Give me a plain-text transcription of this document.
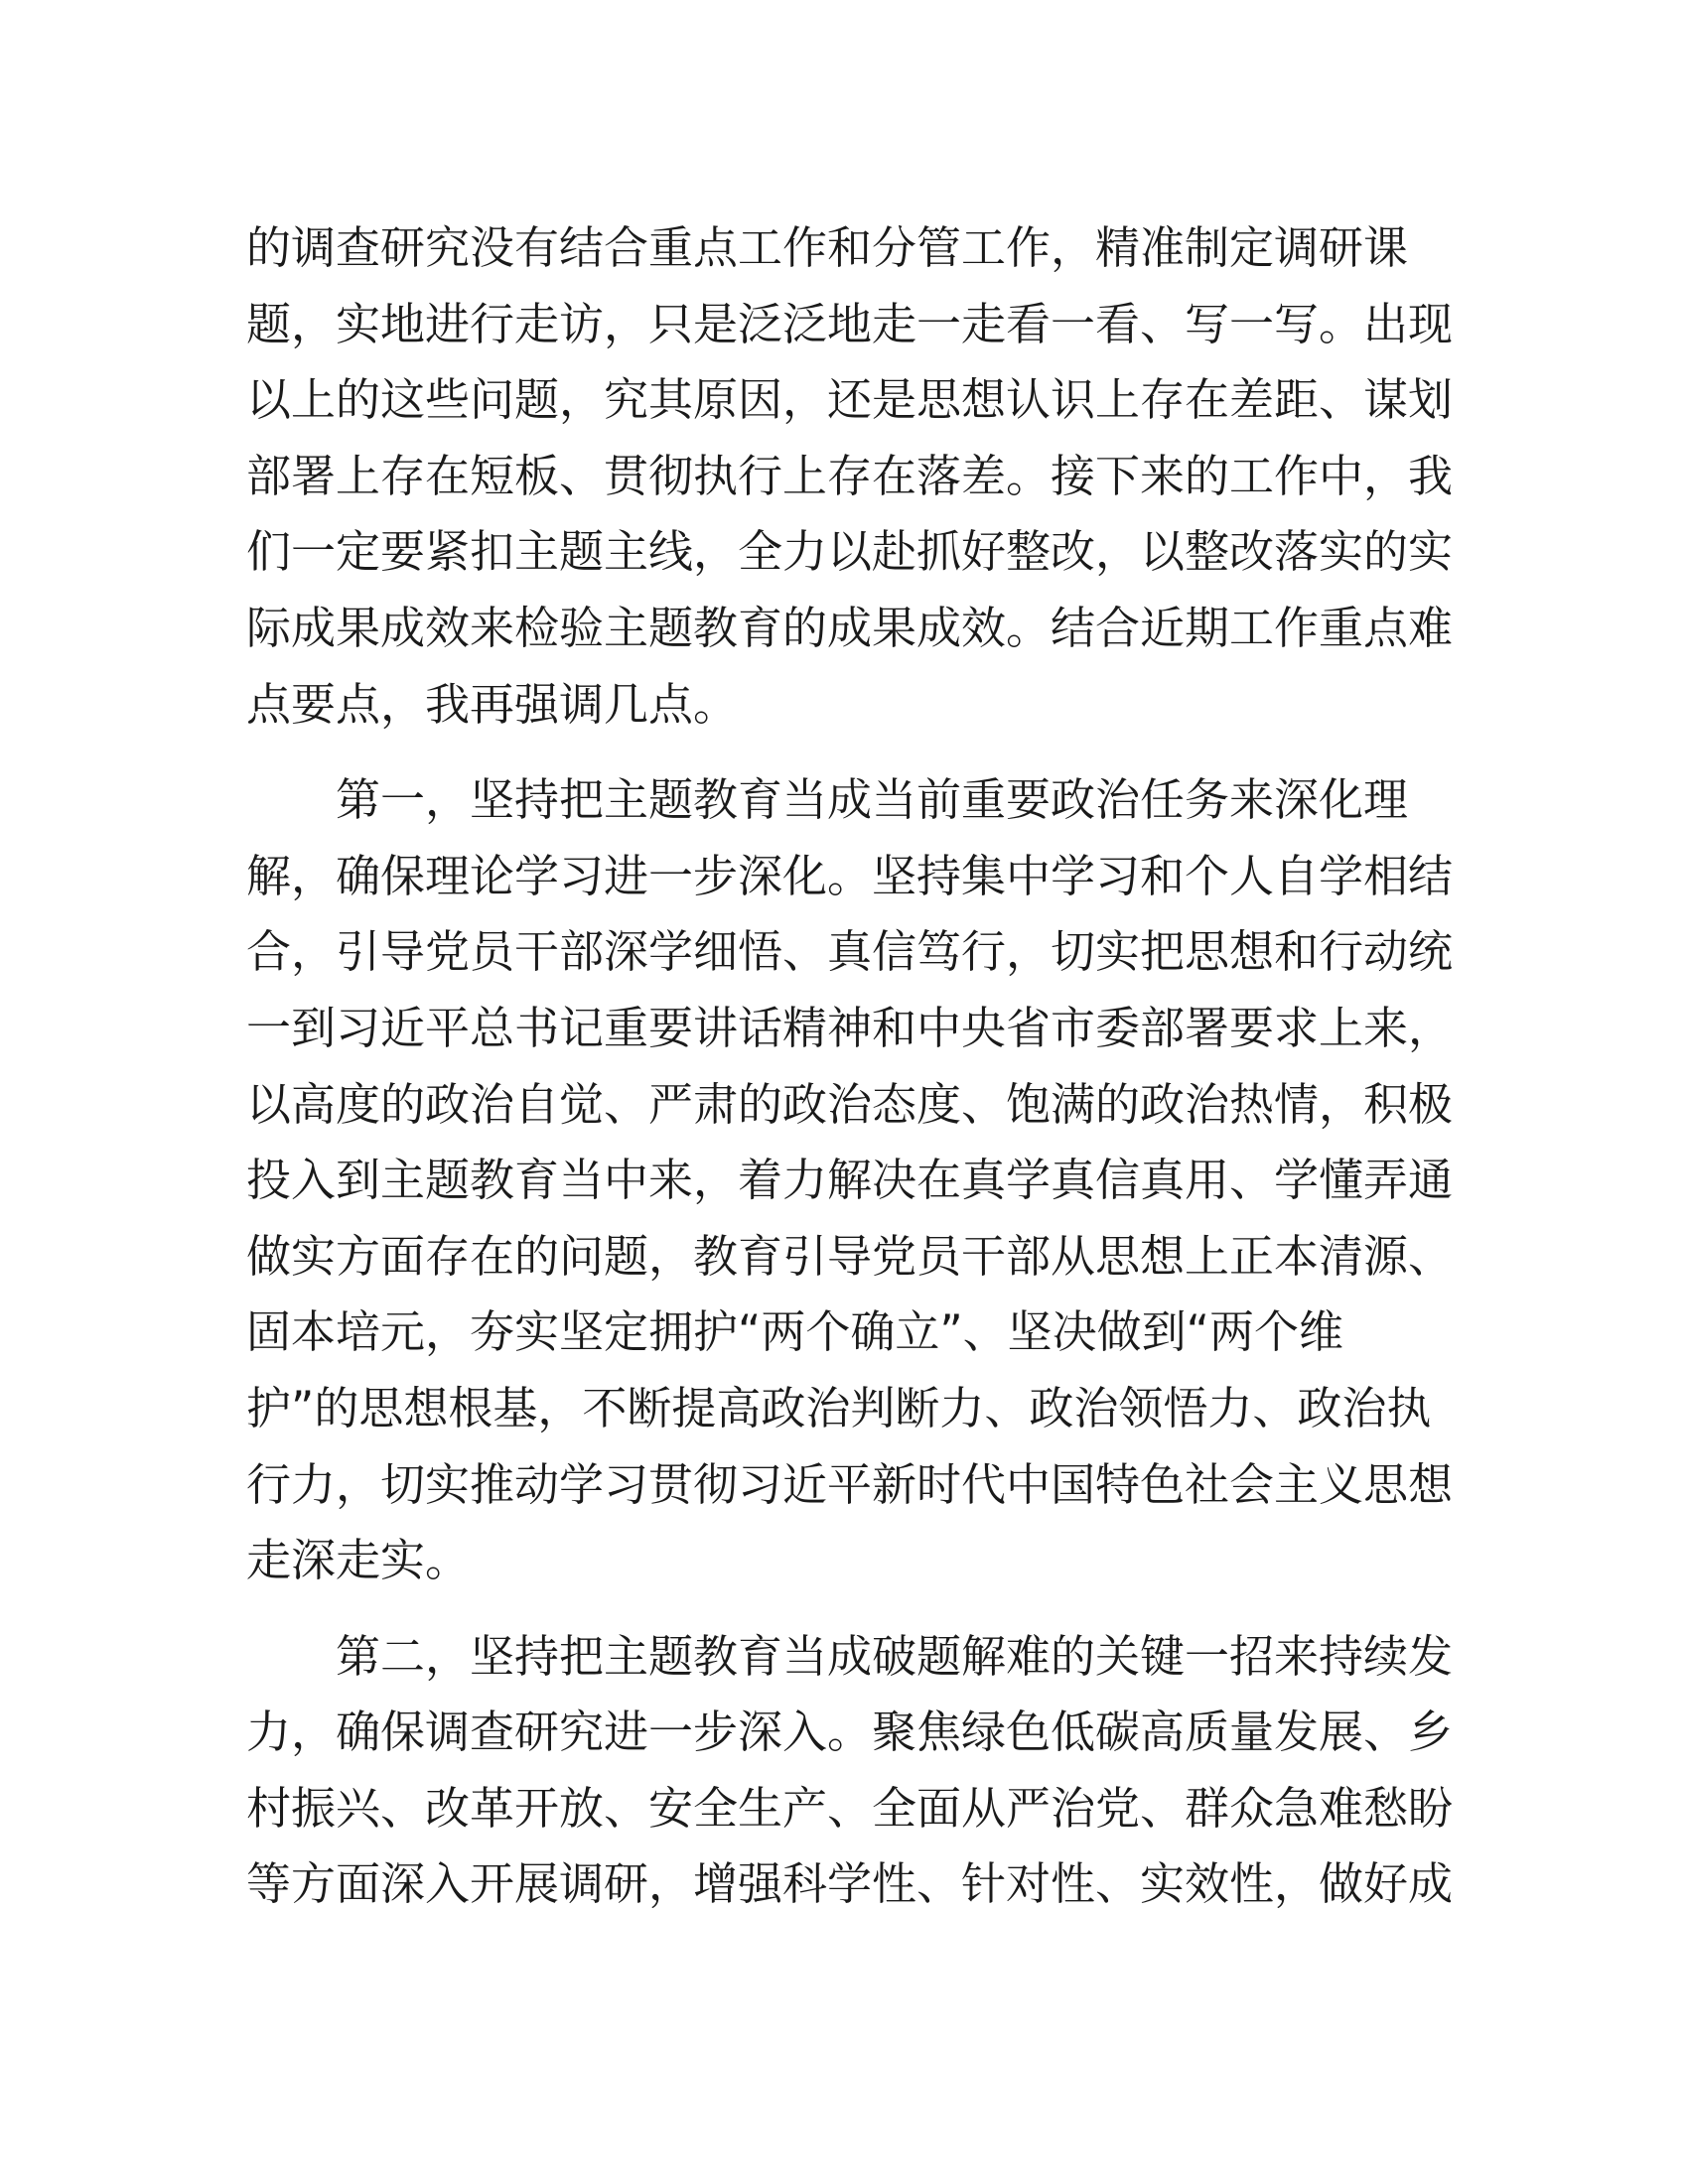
的调查研究没有结合重点工作和分管工作，精准制定调研课
题，实地进行走访，只是泛泛地走一走看一看、写一写。出现
以上的这些问题，究其原因，还是思想认识上存在差距、谋划
部署上存在短板、贯彻执行上存在落差。接下来的工作中，我
们一定要紧扣主题主线，全力以赴抓好整改，以整改落实的实
际成果成效来检验主题教育的成果成效。结合近期工作重点难
点要点，我再强调几点。
第一，坚持把主题教育当成当前重要政治任务来深化理
解，确保理论学习进一步深化。坚持集中学习和个人自学相结
合，引导党员干部深学细悟、真信笃行，切实把思想和行动统
一到习近平总书记重要讲话精神和中央省市委部署要求上来，
以高度的政治自觉、严肃的政治态度、饱满的政治热情，积极
投入到主题教育当中来，着力解决在真学真信真用、学懂弄通
做实方面存在的问题，教育引导党员干部从思想上正本清源、
固本培元，夯实坚定拥护“两个确立”、坚决做到“两个维
护”的思想根基，不断提高政治判断力、政治领悟力、政治执
行力，切实推动学习贯彻习近平新时代中国特色社会主义思想
走深走实。
第二，坚持把主题教育当成破题解难的关键一招来持续发
力，确保调查研究进一步深入。聚焦绿色低碳高质量发展、乡
村振兴、改革开放、安全生产、全面从严治党、群众急难愁盼
等方面深入开展调研，增强科学性、针对性、实效性，做好成
